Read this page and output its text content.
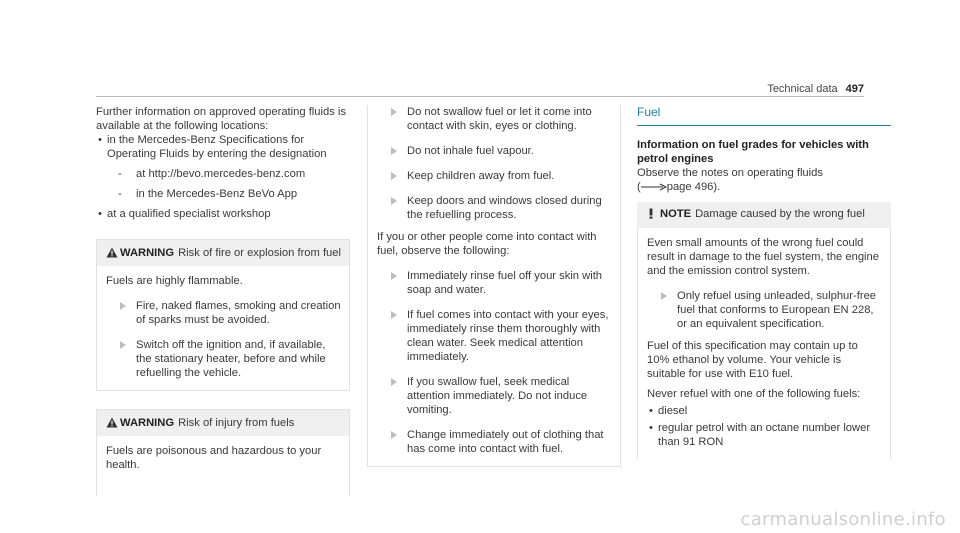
Technical data 497

Further information on approved operating fluids is available at the following locations:

• in the Mercedes-Benz Specifications for Operating Fluids by entering the designation
- at http://bevo.mercedes-benz.com
- in the Mercedes-Benz BeVo App
• at a qualified specialist workshop
WARNING Risk of fire or explosion from fuel

Fuels are highly flammable.

Fire, naked flames, smoking and creation of sparks must be avoided.

Switch off the ignition and, if available, the stationary heater, before and while refuelling the vehicle.

WARNING Risk of injury from fuels

Fuels are poisonous and hazardous to your health.

Do not swallow fuel or let it come into contact with skin, eyes or clothing.

Do not inhale fuel vapour.

Keep children away from fuel.

Keep doors and windows closed during the refuelling process.

If you or other people come into contact with fuel, observe the following:

Immediately rinse fuel off your skin with soap and water.

If fuel comes into contact with your eyes, immediately rinse them thoroughly with clean water. Seek medical attention immediately.

If you swallow fuel, seek medical attention immediately. Do not induce vomiting.

Change immediately out of clothing that has come into contact with fuel.

Fuel

Information on fuel grades for vehicles with petrol engines

Observe the notes on operating fluids

( page 496).

NOTE Damage caused by the wrong fuel

Even small amounts of the wrong fuel could result in damage to the fuel system, the engine and the emission control system.

Only refuel using unleaded, sulphur-free fuel that conforms to European EN 228, or an equivalent specification.

Fuel of this specification may contain up to 10% ethanol by volume. Your vehicle is suitable for use with E10 fuel.

Never refuel with one of the following fuels:

• diesel
• regular petrol with an octane number lower than 91 RON
carmanualsonline.info
